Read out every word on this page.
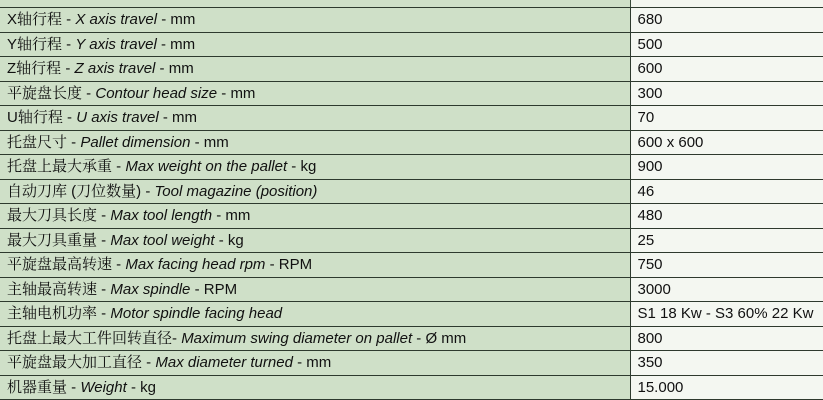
X轴行程 - X axis travel - mm	680
Y轴行程 - Y axis travel - mm	500
Z轴行程 - Z axis travel - mm	600
平旋盘长度 - Contour head size - mm	300
U轴行程 - U axis travel - mm	70
托盘尺寸 - Pallet dimension - mm	600 x 600
托盘上最大承重 - Max weight on the pallet - kg	900
自动刀库 (刀位数量) - Tool magazine (position)	46
最大刀具长度 - Max tool length - mm	480
最大刀具重量 - Max tool weight - kg	25
平旋盘最高转速 - Max facing head rpm - RPM	750
主轴最高转速 - Max spindle - RPM	3000
主轴电机功率 - Motor spindle facing head	S1 18 Kw - S3 60% 22 Kw
托盘上最大工件回转直径- Maximum swing diameter on pallet - Ø mm	800
平旋盘最大加工直径 - Max diameter turned - mm	350
机器重量 - Weight - kg	15.000
